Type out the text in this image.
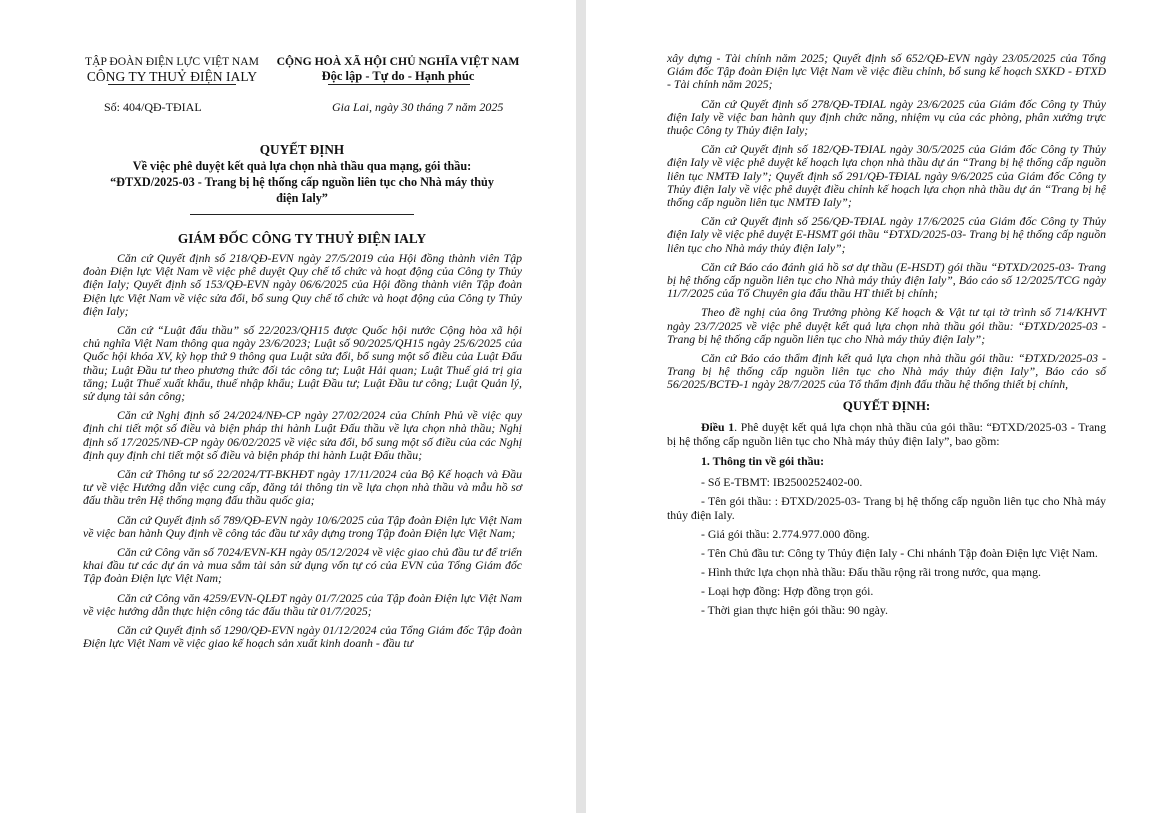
TẬP ĐOÀN ĐIỆN LỰC VIỆT NAM

CÔNG TY THUỶ ĐIỆN IALY

CỘNG HOÀ XÃ HỘI CHỦ NGHĨA VIỆT NAM

Độc lập - Tự do - Hạnh phúc

Số: 404/QĐ-TĐIAL	Gia Lai, ngày 30 tháng 7 năm 2025

QUYẾT ĐỊNH

Về việc phê duyệt kết quả lựa chọn nhà thầu qua mạng, gói thầu:

“ĐTXD/2025-03 - Trang bị hệ thống cấp nguồn liên tục cho Nhà máy thủy

điện Ialy”

GIÁM ĐỐC CÔNG TY THUỶ ĐIỆN IALY

Căn cứ Quyết định số 218/QĐ-EVN ngày 27/5/2019 của Hội đồng thành viên Tập đoàn Điện lực Việt Nam về việc phê duyệt Quy chế tổ chức và hoạt động của Công ty Thủy điện Ialy; Quyết định số 153/QĐ-EVN ngày 06/6/2025 của Hội đồng thành viên Tập đoàn Điện lực Việt Nam về việc sửa đổi, bổ sung Quy chế tổ chức và hoạt động của Công ty Thủy điện Ialy;

Căn cứ “Luật đấu thầu” số 22/2023/QH15 được Quốc hội nước Cộng hòa xã hội chủ nghĩa Việt Nam thông qua ngày 23/6/2023; Luật số 90/2025/QH15 ngày 25/6/2025 của Quốc hội khóa XV, kỳ họp thứ 9 thông qua Luật sửa đổi, bổ sung một số điều của Luật Đấu thầu; Luật Đầu tư theo phương thức đối tác công tư; Luật Hải quan; Luật Thuế giá trị gia tăng; Luật Thuế xuất khẩu, thuế nhập khẩu; Luật Đầu tư; Luật Đầu tư công; Luật Quản lý, sử dụng tài sản công;

Căn cứ Nghị định số 24/2024/NĐ-CP ngày 27/02/2024 của Chính Phủ về việc quy định chi tiết một số điều và biện pháp thi hành Luật Đấu thầu về lựa chọn nhà thầu; Nghị định số 17/2025/NĐ-CP ngày 06/02/2025 về việc sửa đổi, bổ sung một số điều của các Nghị định quy định chi tiết một số điều và biện pháp thi hành Luật Đấu thầu;

Căn cứ Thông tư số 22/2024/TT-BKHĐT ngày 17/11/2024 của Bộ Kế hoạch và Đầu tư về việc Hướng dẫn việc cung cấp, đăng tải thông tin về lựa chọn nhà thầu và mẫu hồ sơ đấu thầu trên Hệ thống mạng đấu thầu quốc gia;

Căn cứ Quyết định số 789/QĐ-EVN ngày 10/6/2025 của Tập đoàn Điện lực Việt Nam về việc ban hành Quy định về công tác đầu tư xây dựng trong Tập đoàn Điện lực Việt Nam;

Căn cứ Công văn số 7024/EVN-KH ngày 05/12/2024 về việc giao chủ đầu tư để triển khai đầu tư các dự án và mua sắm tài sản sử dụng vốn tự có của EVN của Tổng Giám đốc Tập đoàn Điện lực Việt Nam;

Căn cứ Công văn 4259/EVN-QLĐT ngày 01/7/2025 của Tập đoàn Điện lực Việt Nam về việc hướng dẫn thực hiện công tác đấu thầu từ 01/7/2025;

Căn cứ Quyết định số 1290/QĐ-EVN ngày 01/12/2024 của Tổng Giám đốc Tập đoàn Điện lực Việt Nam về việc giao kế hoạch sản xuất kinh doanh - đầu tư

xây dựng - Tài chính năm 2025; Quyết định số 652/QĐ-EVN ngày 23/05/2025 của Tổng Giám đốc Tập đoàn Điện lực Việt Nam về việc điều chỉnh, bổ sung kế hoạch SXKD - ĐTXD - Tài chính năm 2025;

Căn cứ Quyết định số 278/QĐ-TĐIAL ngày 23/6/2025 của Giám đốc Công ty Thủy điện Ialy về việc ban hành quy định chức năng, nhiệm vụ của các phòng, phân xưởng trực thuộc Công ty Thủy điện Ialy;

Căn cứ Quyết định số 182/QĐ-TĐIAL ngày 30/5/2025 của Giám đốc Công ty Thủy điện Ialy về việc phê duyệt kế hoạch lựa chọn nhà thầu dự án “Trang bị hệ thống cấp nguồn liên tục NMTĐ Ialy”; Quyết định số 291/QĐ-TĐIAL ngày 9/6/2025 của Giám đốc Công ty Thủy điện Ialy về việc phê duyệt điều chỉnh kế hoạch lựa chọn nhà thầu dự án “Trang bị hệ thống cấp nguồn liên tục NMTĐ Ialy”;

Căn cứ Quyết định số 256/QĐ-TĐIAL ngày 17/6/2025 của Giám đốc Công ty Thủy điện Ialy về việc phê duyệt E-HSMT gói thầu “ĐTXD/2025-03- Trang bị hệ thống cấp nguồn liên tục cho Nhà máy thủy điện Ialy”;

Căn cứ Báo cáo đánh giá hồ sơ dự thầu (E-HSDT) gói thầu “ĐTXD/2025-03- Trang bị hệ thống cấp nguồn liên tục cho Nhà máy thủy điện Ialy”, Báo cáo số 12/2025/TCG ngày 11/7/2025 của Tổ Chuyên gia đấu thầu HT thiết bị chính;

Theo đề nghị của ông Trưởng phòng Kế hoạch & Vật tư tại tờ trình số 714/KHVT ngày 23/7/2025 về việc phê duyệt kết quả lựa chọn nhà thầu gói thầu: “ĐTXD/2025-03 - Trang bị hệ thống cấp nguồn liên tục cho Nhà máy thủy điện Ialy”;

Căn cứ Báo cáo thẩm định kết quả lựa chọn nhà thầu gói thầu: “ĐTXD/2025-03 - Trang bị hệ thống cấp nguồn liên tục cho Nhà máy thủy điện Ialy”, Báo cáo số 56/2025/BCTĐ-1 ngày 28/7/2025 của Tổ thẩm định đấu thầu hệ thống thiết bị chính,

QUYẾT ĐỊNH:

Điều 1. Phê duyệt kết quả lựa chọn nhà thầu của gói thầu: “ĐTXD/2025-03 - Trang bị hệ thống cấp nguồn liên tục cho Nhà máy thủy điện Ialy”, bao gồm:

1. Thông tin về gói thầu:

- Số E-TBMT: IB2500252402-00.

- Tên gói thầu: : ĐTXD/2025-03- Trang bị hệ thống cấp nguồn liên tục cho Nhà máy thủy điện Ialy.

- Giá gói thầu: 2.774.977.000 đồng.

- Tên Chủ đầu tư: Công ty Thủy điện Ialy - Chi nhánh Tập đoàn Điện lực Việt Nam.

- Hình thức lựa chọn nhà thầu: Đấu thầu rộng rãi trong nước, qua mạng.

- Loại hợp đồng: Hợp đồng trọn gói.

- Thời gian thực hiện gói thầu: 90 ngày.
